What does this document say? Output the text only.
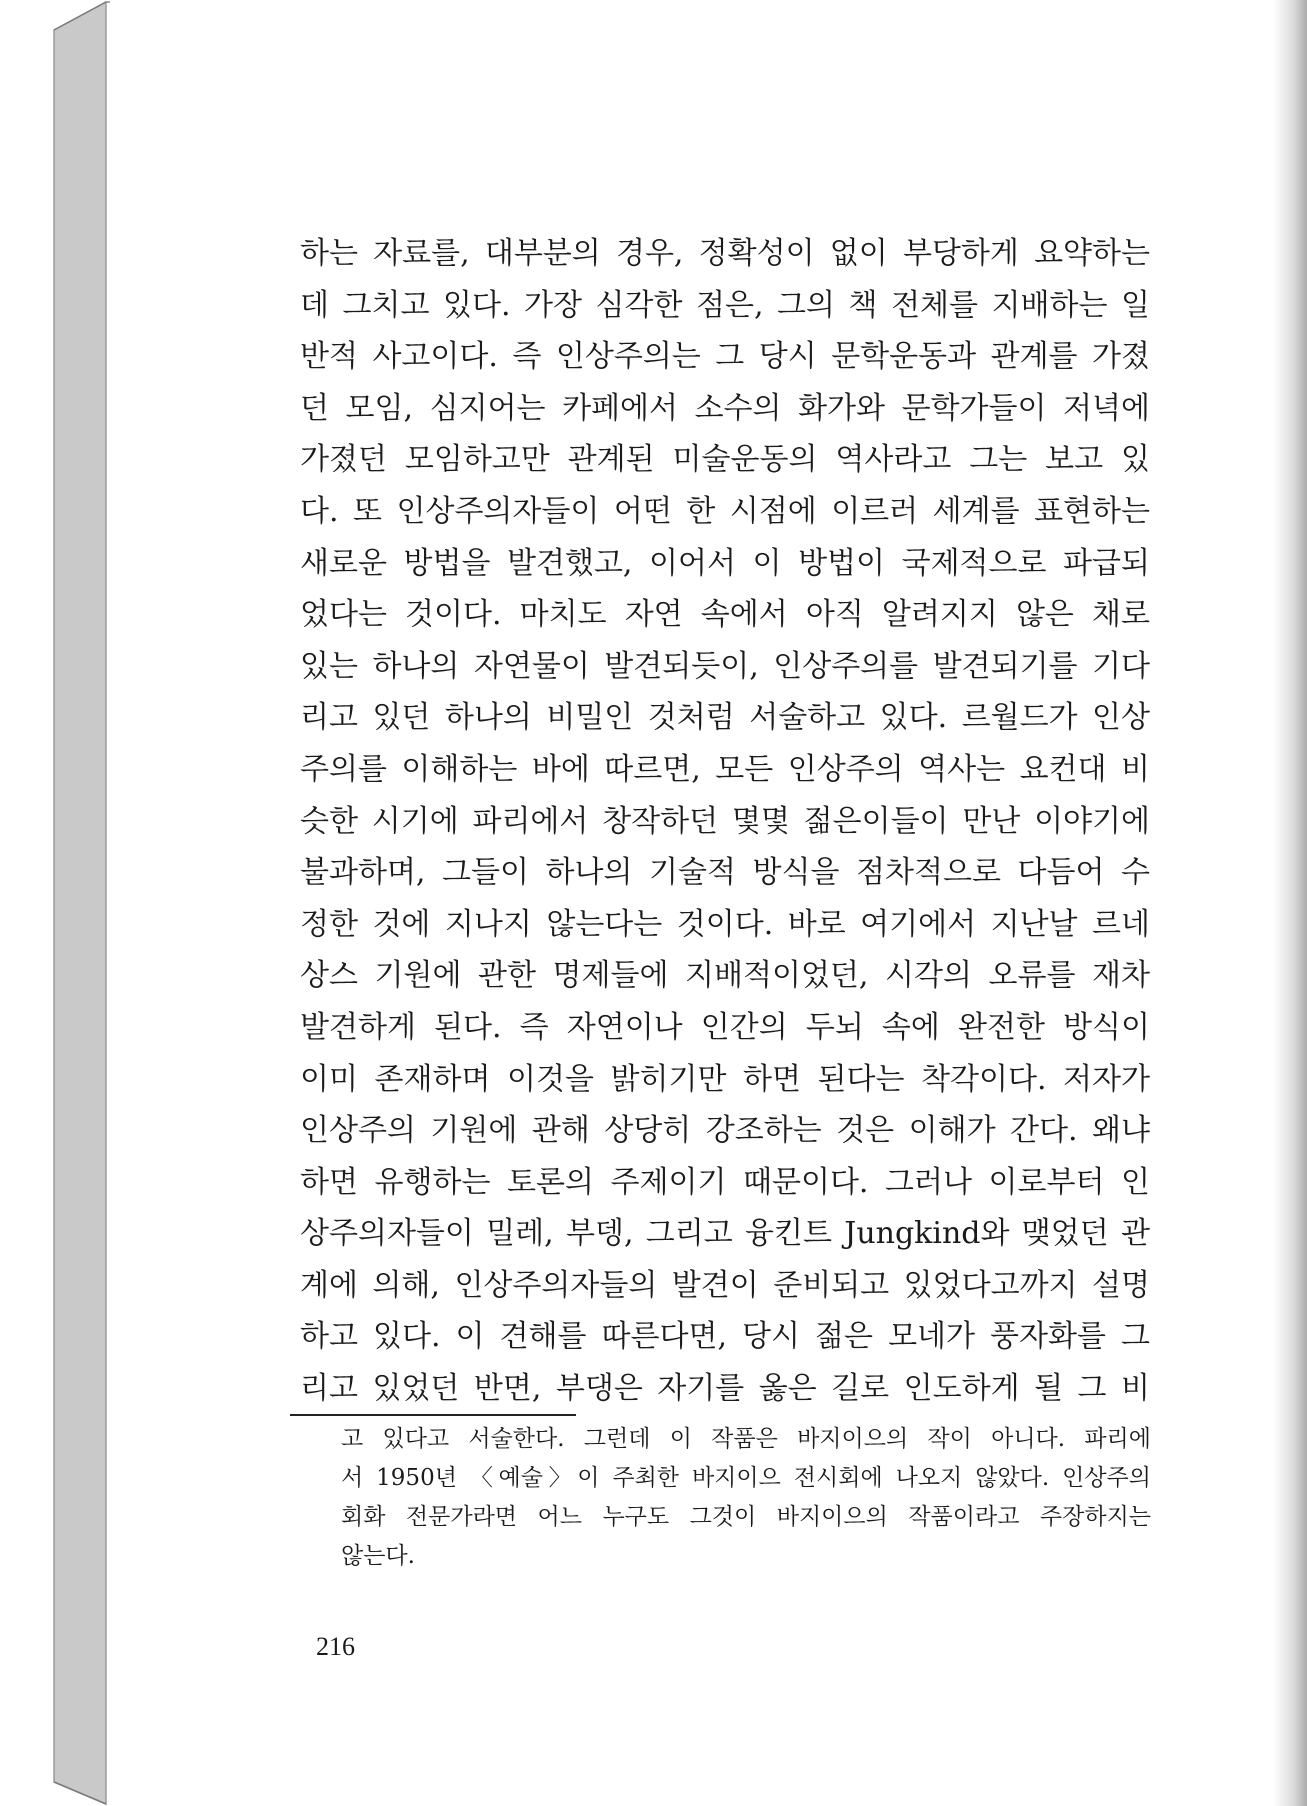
하는 자료를, 대부분의 경우, 정확성이 없이 부당하게 요약하는
데 그치고 있다. 가장 심각한 점은, 그의 책 전체를 지배하는 일
반적 사고이다. 즉 인상주의는 그 당시 문학운동과 관계를 가졌
던 모임, 심지어는 카페에서 소수의 화가와 문학가들이 저녁에
가졌던 모임하고만 관계된 미술운동의 역사라고 그는 보고 있
다. 또 인상주의자들이 어떤 한 시점에 이르러 세계를 표현하는
새로운 방법을 발견했고, 이어서 이 방법이 국제적으로 파급되
었다는 것이다. 마치도 자연 속에서 아직 알려지지 않은 채로
있는 하나의 자연물이 발견되듯이, 인상주의를 발견되기를 기다
리고 있던 하나의 비밀인 것처럼 서술하고 있다. 르월드가 인상
주의를 이해하는 바에 따르면, 모든 인상주의 역사는 요컨대 비
슷한 시기에 파리에서 창작하던 몇몇 젊은이들이 만난 이야기에
불과하며, 그들이 하나의 기술적 방식을 점차적으로 다듬어 수
정한 것에 지나지 않는다는 것이다. 바로 여기에서 지난날 르네
상스 기원에 관한 명제들에 지배적이었던, 시각의 오류를 재차
발견하게 된다. 즉 자연이나 인간의 두뇌 속에 완전한 방식이
이미 존재하며 이것을 밝히기만 하면 된다는 착각이다. 저자가
인상주의 기원에 관해 상당히 강조하는 것은 이해가 간다. 왜냐
하면 유행하는 토론의 주제이기 때문이다. 그러나 이로부터 인
상주의자들이 밀레, 부뎅, 그리고 융킨트 Jungkind와 맺었던 관
계에 의해, 인상주의자들의 발견이 준비되고 있었다고까지 설명
하고 있다. 이 견해를 따른다면, 당시 젊은 모네가 풍자화를 그
리고 있었던 반면, 부댕은 자기를 옳은 길로 인도하게 될 그 비
고 있다고 서술한다. 그런데 이 작품은 바지이으의 작이 아니다. 파리에
서 1950년 〈예술〉이 주최한 바지이으 전시회에 나오지 않았다. 인상주의
회화 전문가라면 어느 누구도 그것이 바지이으의 작품이라고 주장하지는
않는다.
216
